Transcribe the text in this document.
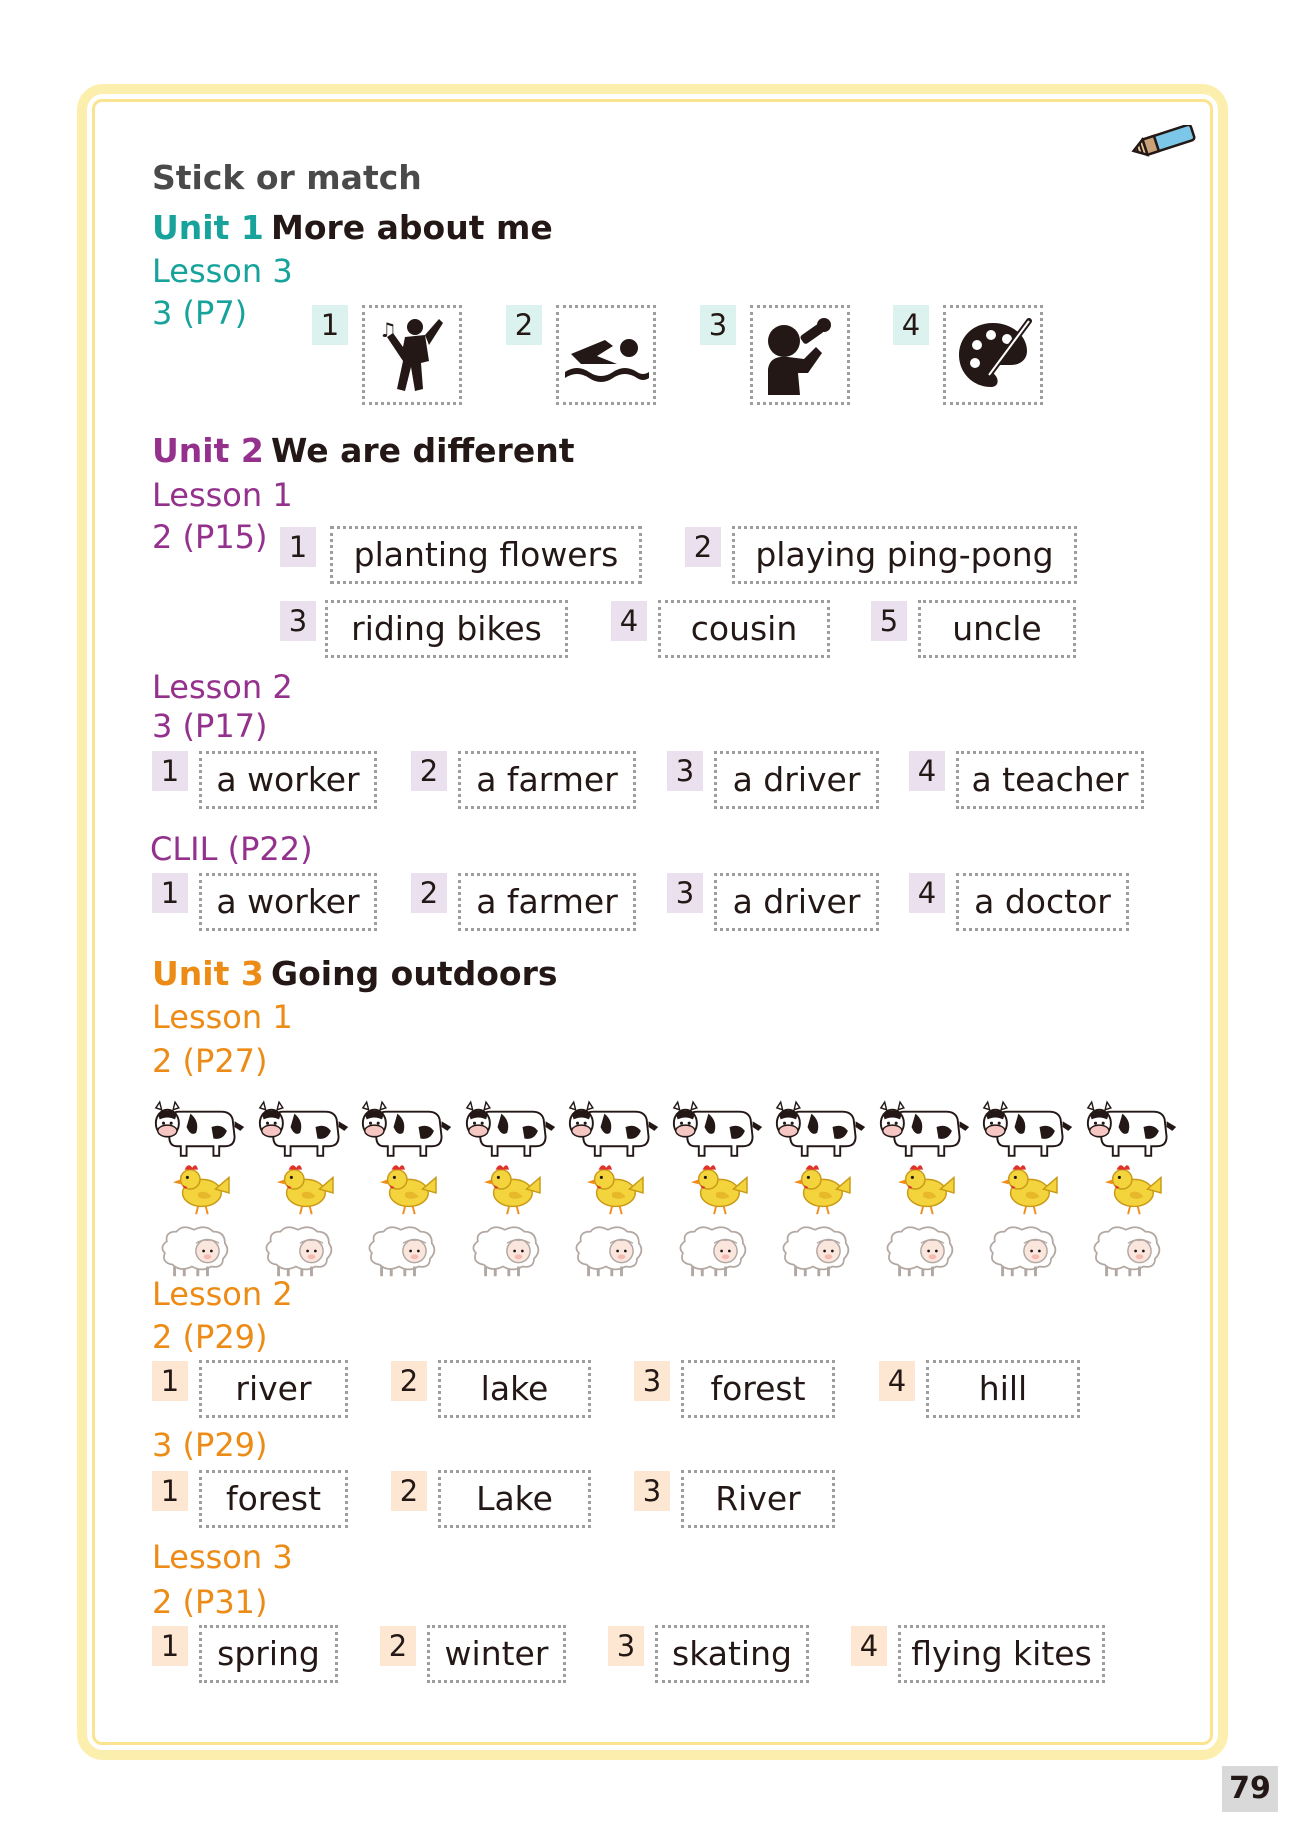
Stick or match
Unit 1 More about me
Lesson 3
3 (P7)	1	♫	2	3	4
Unit 2 We are different
Lesson 1
2 (P15) 1	planting flowers	2	playing ping-pong
3	riding bikes	4	cousin	5	uncle
Lesson 2
3 (P17)
1	a worker	2	a farmer	3	a driver	4	a teacher
CLIL (P22)
1	a worker	2	a farmer	3	a driver	4	a doctor
Unit 3 Going outdoors
Lesson 1
2 (P27)
Lesson 2
2 (P29)
1	river	2	lake	3	forest	4	hill
3 (P29)
1	forest	2	Lake	3	River
Lesson 3
2 (P31)
1	spring	2	winter	3	skating	4	flying kites
79
